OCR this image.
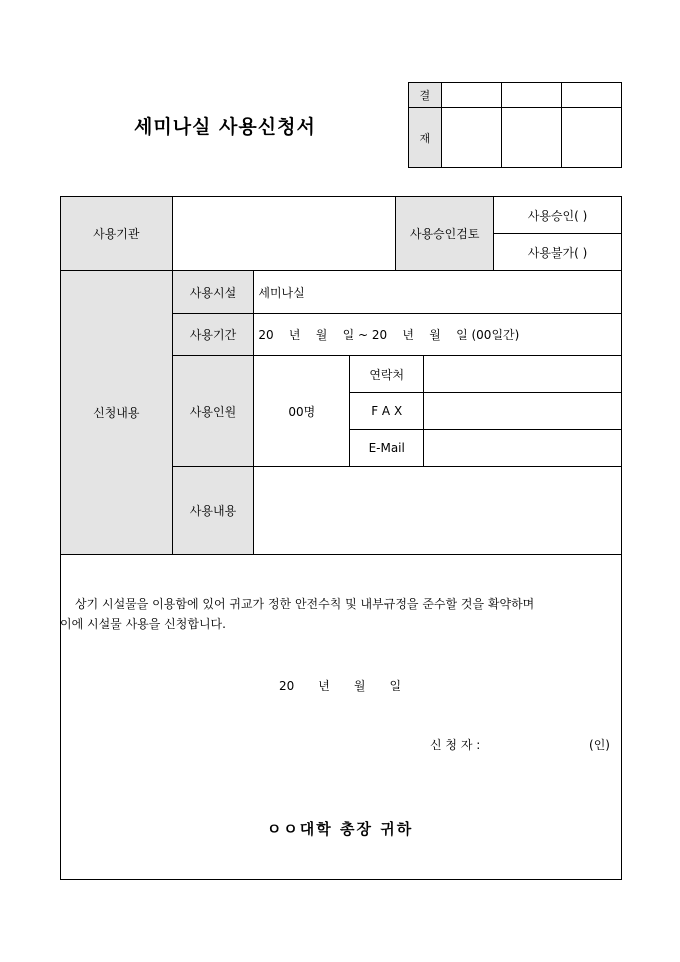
세미나실 사용신청서
결			
재			
사용기관				사용승인검토		사용승인( )
						사용불가( )
신청내용	사용시설	세미나실				
	사용기간	20    년    월    일 ~ 20    년    월    일 (00일간)				
	사용인원	00명	연락처			
			F A X			
			E-Mail			
	사용내용					
상기 시설물을 이용함에 있어 귀교가 정한 안전수칙 및 내부규정을 준수할 것을 확약하며
이에 시설물 사용을 신청합니다.
20 년 월 일
신 청 자 :	(인)
ㅇㅇ대학 총장 귀하
